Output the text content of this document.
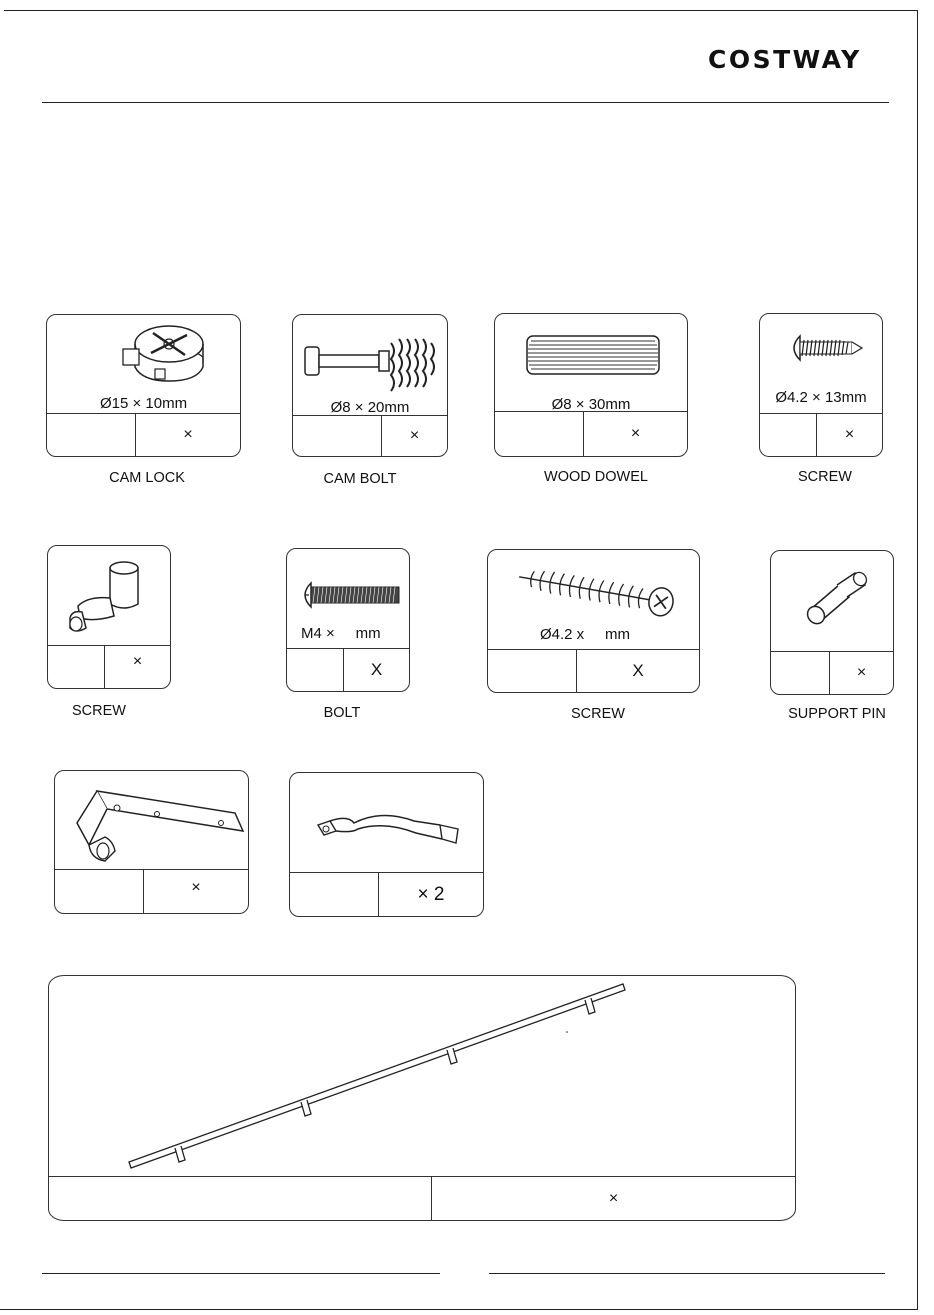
COSTWAY
Ø15 × 10mm
×
CAM LOCK
Ø8 × 20mm
×
CAM BOLT
Ø8 × 30mm
×
WOOD DOWEL
Ø4.2 × 13mm
×
SCREW
×
SCREW
M4 ×     mm
X
BOLT
Ø4.2 x     mm
X
SCREW
×
SUPPORT PIN
×	× 2
×
